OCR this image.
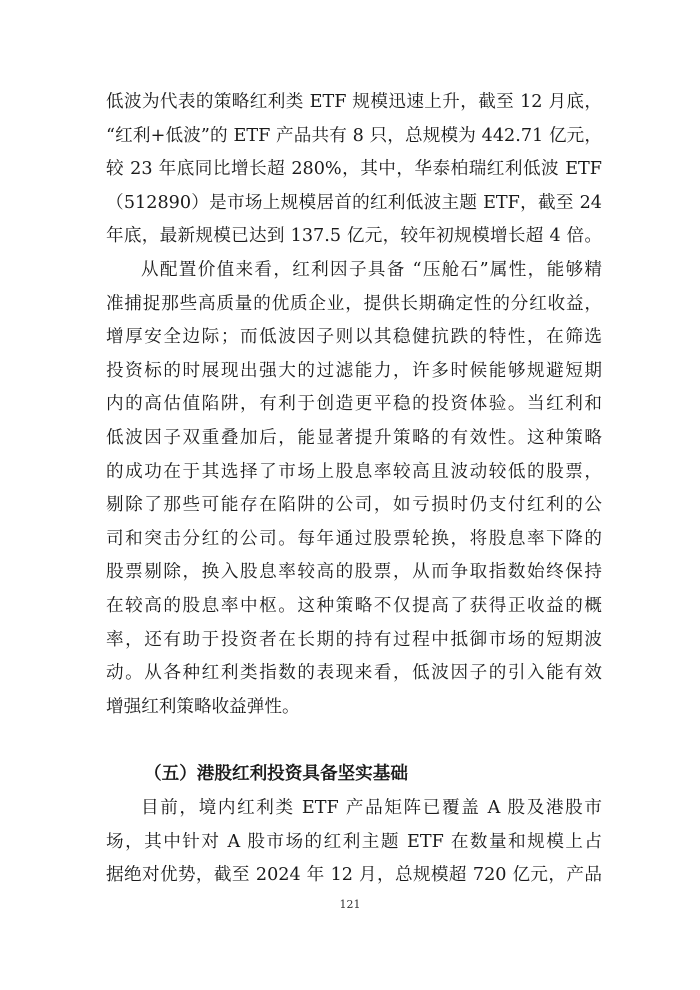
低波为代表的策略红利类 ETF 规模迅速上升，截至 12 月底，
“红利+低波”的 ETF 产品共有 8 只，总规模为 442.71 亿元，
较 23 年底同比增长超 280%，其中，华泰柏瑞红利低波 ETF
（512890）是市场上规模居首的红利低波主题 ETF，截至 24
年底，最新规模已达到 137.5 亿元，较年初规模增长超 4 倍。
从配置价值来看，红利因子具备 “压舱石”属性，能够精
准捕捉那些高质量的优质企业，提供长期确定性的分红收益，
增厚安全边际；而低波因子则以其稳健抗跌的特性，在筛选
投资标的时展现出强大的过滤能力，许多时候能够规避短期
内的高估值陷阱，有利于创造更平稳的投资体验。当红利和
低波因子双重叠加后，能显著提升策略的有效性。这种策略
的成功在于其选择了市场上股息率较高且波动较低的股票，
剔除了那些可能存在陷阱的公司，如亏损时仍支付红利的公
司和突击分红的公司。每年通过股票轮换，将股息率下降的
股票剔除，换入股息率较高的股票，从而争取指数始终保持
在较高的股息率中枢。这种策略不仅提高了获得正收益的概
率，还有助于投资者在长期的持有过程中抵御市场的短期波
动。从各种红利类指数的表现来看，低波因子的引入能有效
增强红利策略收益弹性。
（五）港股红利投资具备坚实基础
目前，境内红利类 ETF 产品矩阵已覆盖 A 股及港股市
场，其中针对 A 股市场的红利主题 ETF 在数量和规模上占
据绝对优势，截至 2024 年 12 月，总规模超 720 亿元，产品
121
